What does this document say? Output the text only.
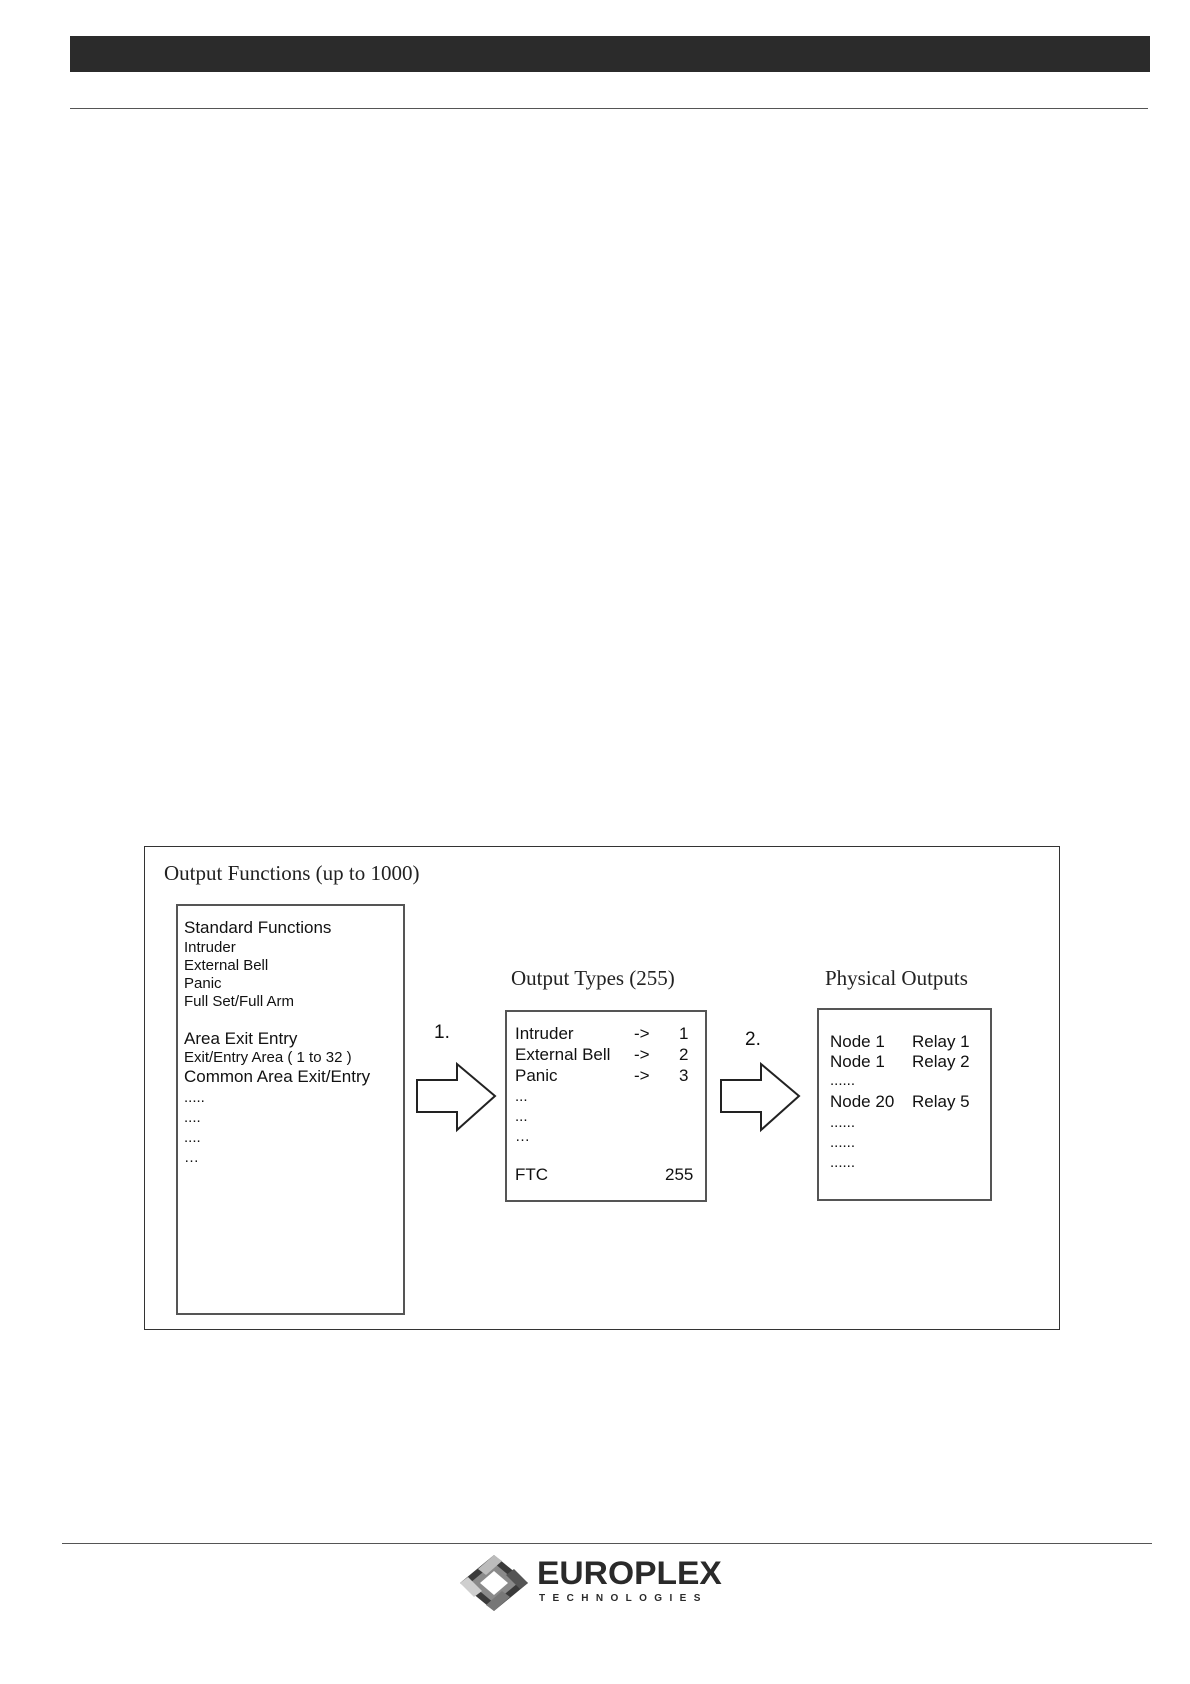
Output Functions (up to 1000)
Standard Functions
Intruder
External Bell
Panic
Full Set/Full Arm
Area Exit Entry
Exit/Entry Area ( 1 to 32 )
Common Area Exit/Entry
.....
....
....
…
1.
Output Types (255)
Intruder	-> 1
External Bell -> 2
Panic	-> 3
...
...
…
FTC	255
2.
Physical Outputs
Node 1 Relay 1
Node 1 Relay 2
......
Node 20 Relay 5
......
......
......
EUROPLEX
TECHNOLOGIES
